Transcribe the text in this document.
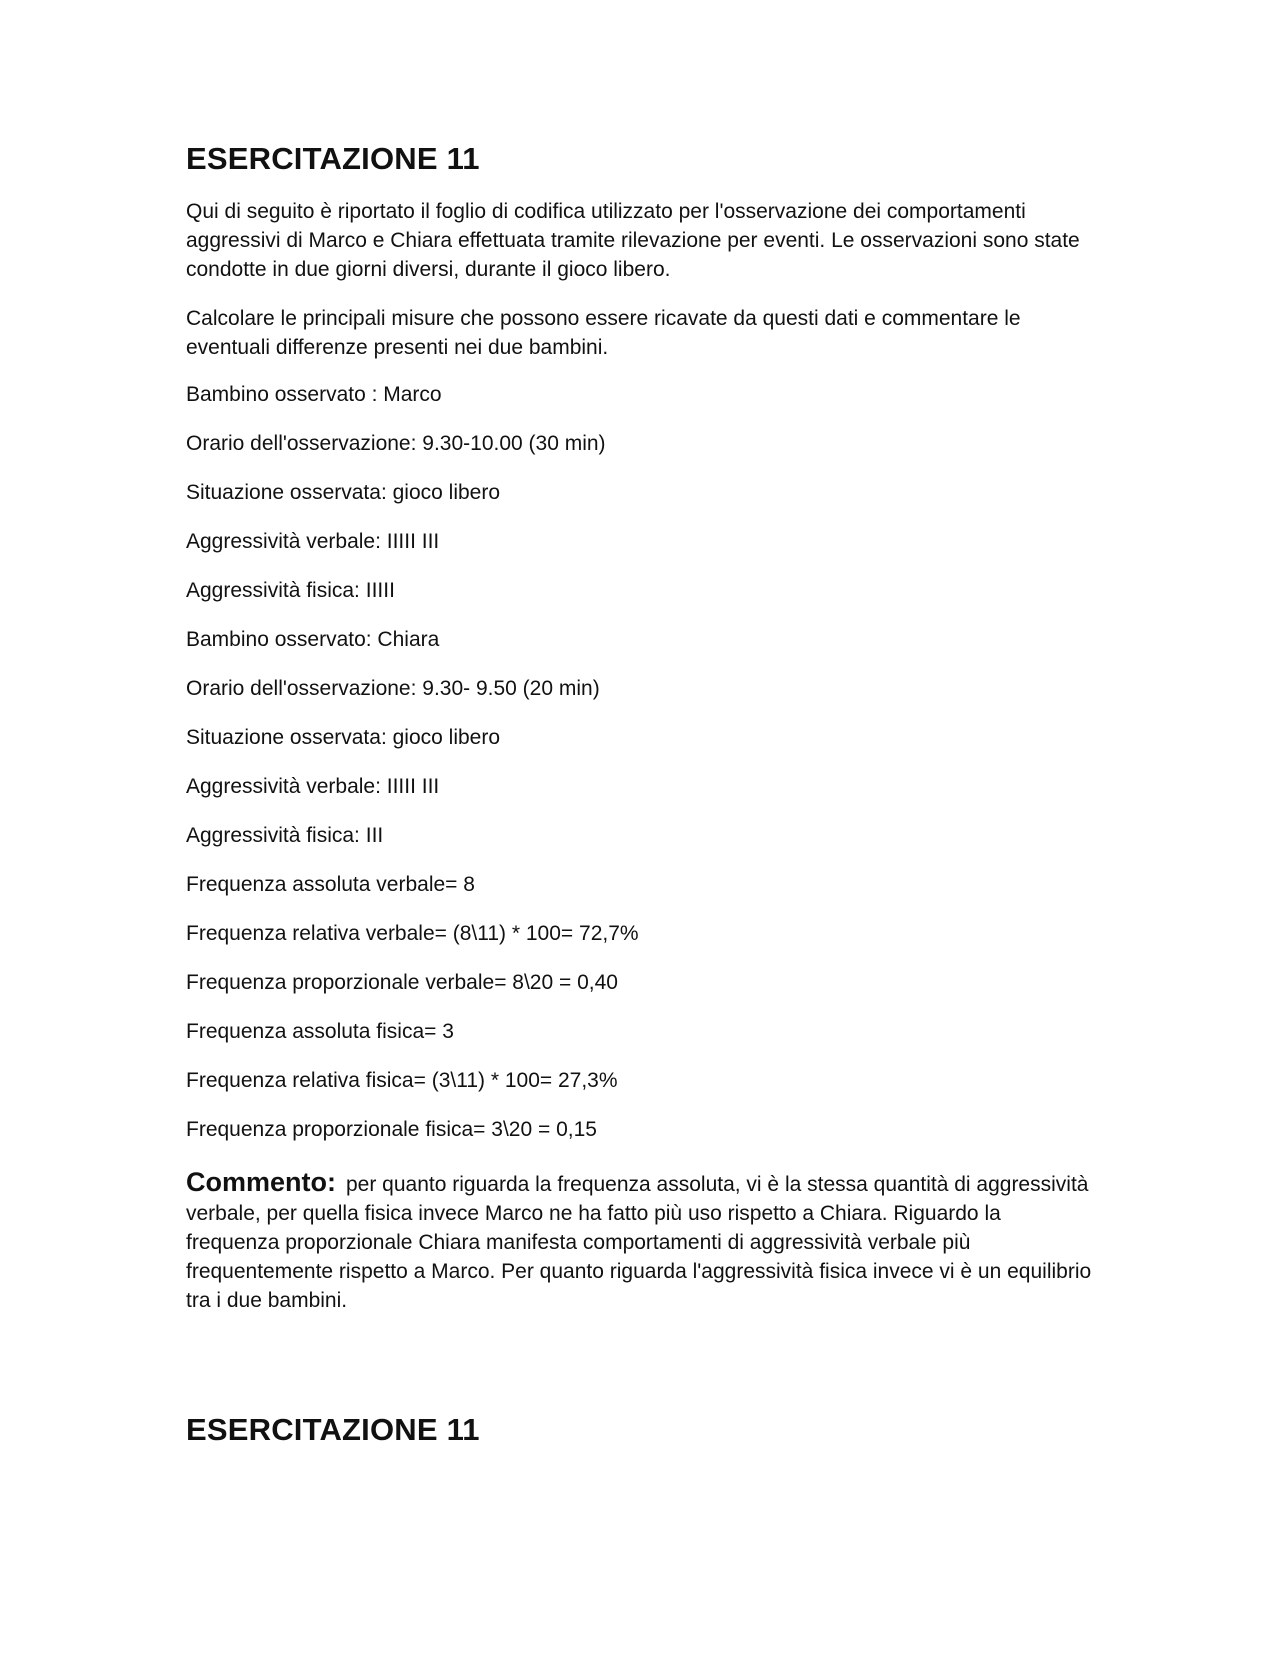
ESERCITAZIONE 11

Qui di seguito è riportato il foglio di codifica utilizzato per l'osservazione dei comportamenti aggressivi di Marco e Chiara effettuata tramite rilevazione per eventi. Le osservazioni sono state condotte in due giorni diversi, durante il gioco libero.

Calcolare le principali misure che possono essere ricavate da questi dati e commentare le eventuali differenze presenti nei due bambini.

Bambino osservato : Marco

Orario dell'osservazione: 9.30-10.00 (30 min)

Situazione osservata: gioco libero

Aggressività verbale: IIIII III

Aggressività fisica: IIIII

Bambino osservato: Chiara

Orario dell'osservazione: 9.30- 9.50 (20 min)

Situazione osservata: gioco libero

Aggressività verbale: IIIII III

Aggressività fisica: III

Frequenza assoluta verbale= 8

Frequenza relativa verbale= (8\11) * 100= 72,7%

Frequenza proporzionale verbale= 8\20 = 0,40

Frequenza assoluta fisica= 3

Frequenza relativa fisica= (3\11) * 100= 27,3%

Frequenza proporzionale fisica= 3\20 = 0,15

Commento: per quanto riguarda la frequenza assoluta, vi è la stessa quantità di aggressività verbale, per quella fisica invece Marco ne ha fatto più uso rispetto a Chiara. Riguardo la frequenza proporzionale Chiara manifesta comportamenti di aggressività verbale più frequentemente rispetto a Marco. Per quanto riguarda l'aggressività fisica invece vi è un equilibrio tra i due bambini.

ESERCITAZIONE 11
